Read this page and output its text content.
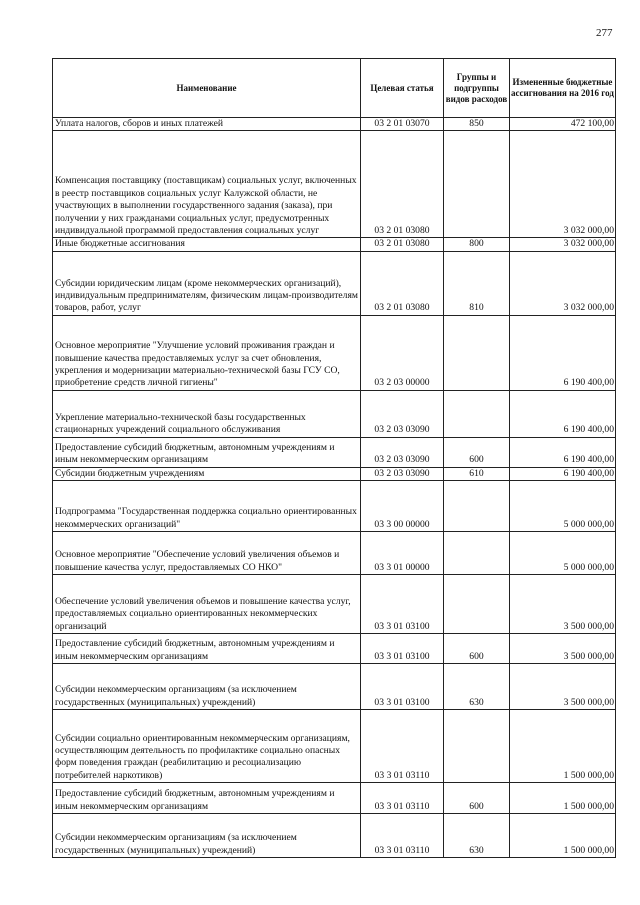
277
Наименование	Целевая статья	Группы и подгруппы видов расходов	Измененные бюджетные ассигнования на 2016 год
Уплата налогов, сборов и иных платежей	03 2 01 03070	850	472 100,00
Компенсация поставщику (поставщикам) социальных услуг, включенных в реестр поставщиков социальных услуг Калужской области, не участвующих в выполнении государственного задания (заказа), при получении у них гражданами социальных услуг, предусмотренных индивидуальной программой предоставления социальных услуг	03 2 01 03080		3 032 000,00
Иные бюджетные ассигнования	03 2 01 03080	800	3 032 000,00
Субсидии юридическим лицам (кроме некоммерческих организаций), индивидуальным предпринимателям, физическим лицам-производителям товаров, работ, услуг	03 2 01 03080	810	3 032 000,00
Основное мероприятие "Улучшение условий проживания граждан и повышение качества предоставляемых услуг за счет обновления, укрепления и модернизации материально-технической базы ГСУ СО, приобретение средств личной гигиены"	03 2 03 00000		6 190 400,00
Укрепление материально-технической базы государственных стационарных учреждений социального обслуживания	03 2 03 03090		6 190 400,00
Предоставление субсидий бюджетным, автономным учреждениям и иным некоммерческим организациям	03 2 03 03090	600	6 190 400,00
Субсидии бюджетным учреждениям	03 2 03 03090	610	6 190 400,00
Подпрограмма "Государственная поддержка социально ориентированных некоммерческих организаций"	03 3 00 00000		5 000 000,00
Основное мероприятие "Обеспечение условий увеличения объемов и повышение качества услуг, предоставляемых СО НКО"	03 3 01 00000		5 000 000,00
Обеспечение условий увеличения объемов и повышение качества услуг, предоставляемых социально ориентированных некоммерческих организаций	03 3 01 03100		3 500 000,00
Предоставление субсидий бюджетным, автономным учреждениям и иным некоммерческим организациям	03 3 01 03100	600	3 500 000,00
Субсидии некоммерческим организациям (за исключением государственных (муниципальных) учреждений)	03 3 01 03100	630	3 500 000,00
Субсидии социально ориентированным некоммерческим организациям, осуществляющим деятельность по профилактике социально опасных форм поведения граждан (реабилитацию и ресоциализацию потребителей наркотиков)	03 3 01 03110		1 500 000,00
Предоставление субсидий бюджетным, автономным учреждениям и иным некоммерческим организациям	03 3 01 03110	600	1 500 000,00
Субсидии некоммерческим организациям (за исключением государственных (муниципальных) учреждений)	03 3 01 03110	630	1 500 000,00
